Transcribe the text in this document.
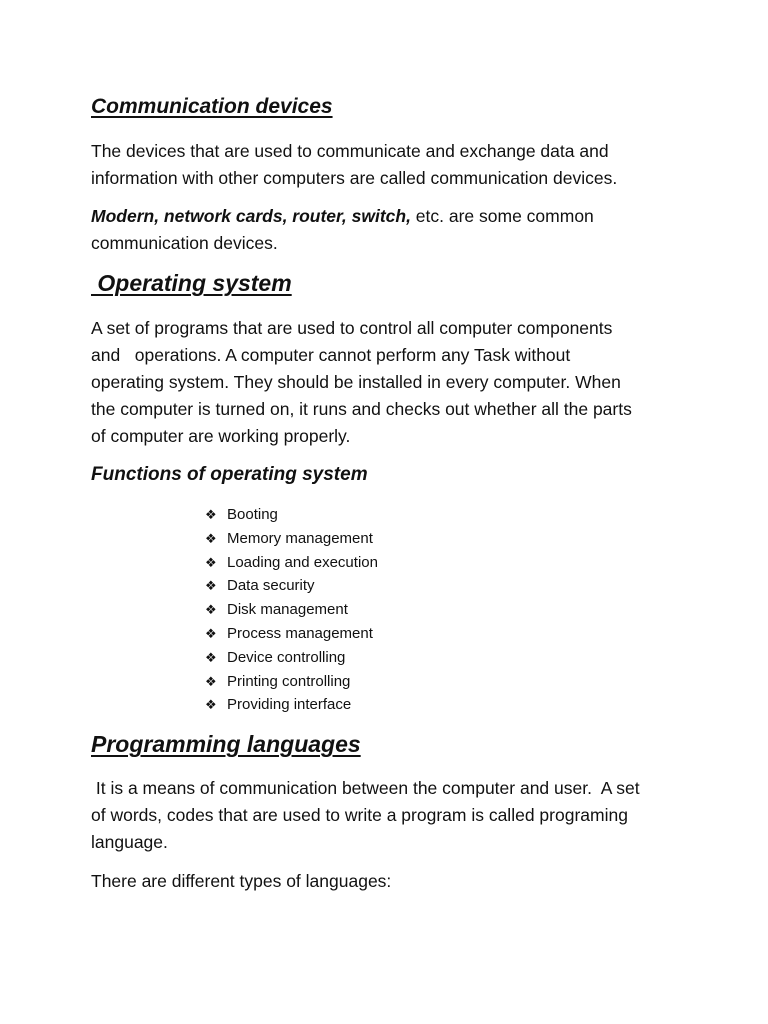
Communication devices

The devices that are used to communicate and exchange data and
information with other computers are called communication devices.

Modern, network cards, router, switch, etc. are some common
communication devices.

Operating system

A set of programs that are used to control all computer components
and   operations. A computer cannot perform any Task without
operating system. They should be installed in every computer. When
the computer is turned on, it runs and checks out whether all the parts
of computer are working properly.

Functions of operating system
❖ Booting
❖ Memory management
❖ Loading and execution
❖ Data security
❖ Disk management
❖ Process management
❖ Device controlling
❖ Printing controlling
❖ Providing interface
Programming languages

It is a means of communication between the computer and user.  A set
of words, codes that are used to write a program is called programing
language.

There are different types of languages:
